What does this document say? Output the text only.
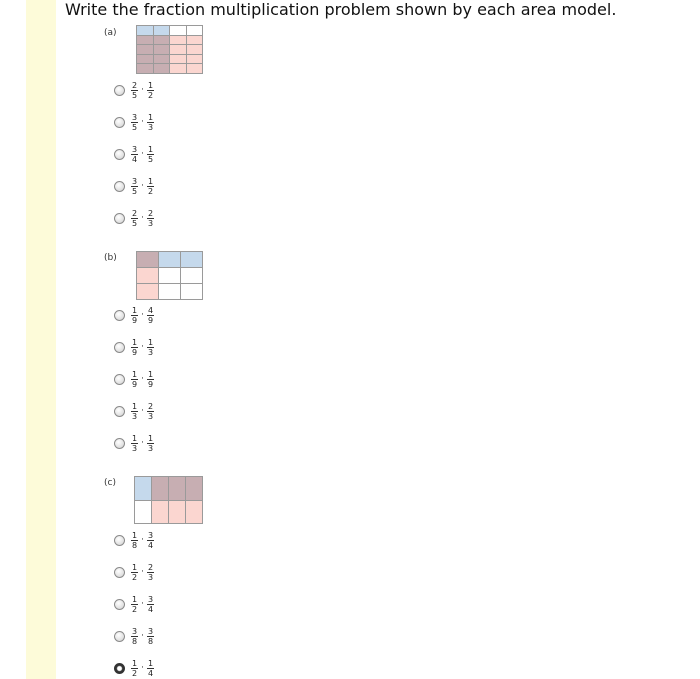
Write the fraction multiplication problem shown by each area model.
(a)

$\frac{2}{5} \cdot \frac{1}{2}$
$\frac{3}{5} \cdot \frac{1}{3}$
$\frac{3}{4} \cdot \frac{1}{5}$
$\frac{3}{5} \cdot \frac{1}{2}$
$\frac{2}{5} \cdot \frac{2}{3}$
(b)

$\frac{1}{9} \cdot \frac{4}{9}$
$\frac{1}{9} \cdot \frac{1}{3}$
$\frac{1}{9} \cdot \frac{1}{9}$
$\frac{1}{3} \cdot \frac{2}{3}$
$\frac{1}{3} \cdot \frac{1}{3}$
(c)

$\frac{1}{8} \cdot \frac{3}{4}$
$\frac{1}{2} \cdot \frac{2}{3}$
$\frac{1}{2} \cdot \frac{3}{4}$
$\frac{3}{8} \cdot \frac{3}{8}$
$\frac{1}{2} \cdot \frac{1}{4}$
